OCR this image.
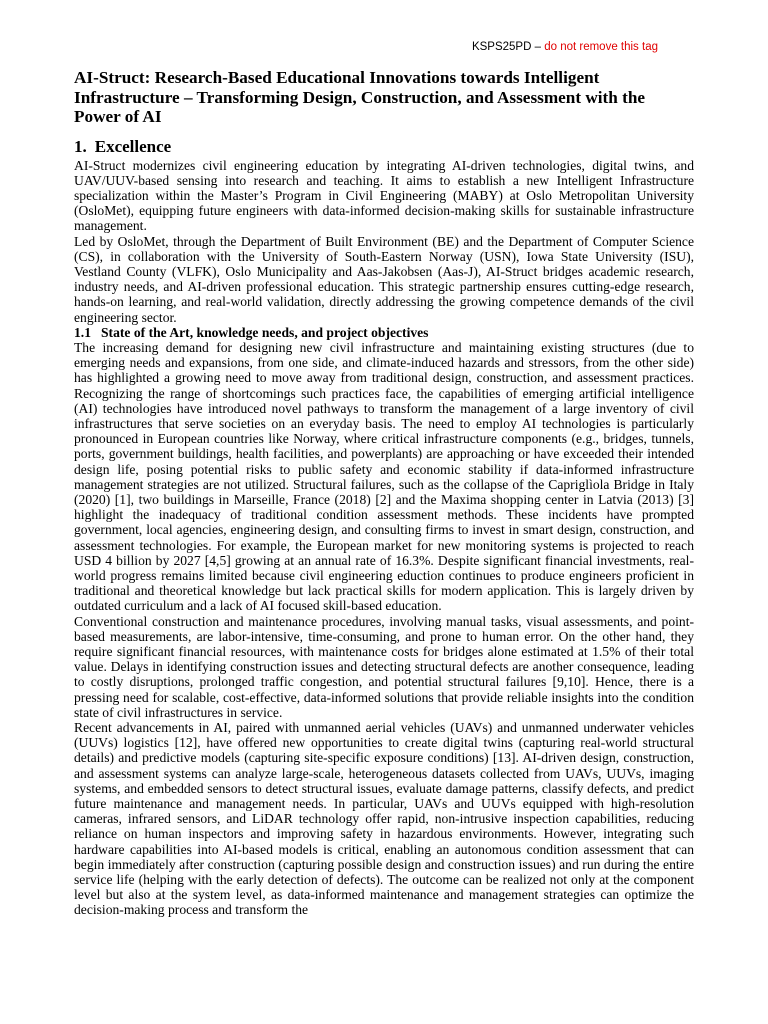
KSPS25PD – do not remove this tag
AI-Struct: Research-Based Educational Innovations towards Intelligent Infrastructure – Transforming Design, Construction, and Assessment with the Power of AI
1. Excellence

AI-Struct modernizes civil engineering education by integrating AI-driven technologies, digital twins, and UAV/UUV-based sensing into research and teaching. It aims to establish a new Intelligent Infrastructure specialization within the Master’s Program in Civil Engineering (MABY) at Oslo Metropolitan University (OsloMet), equipping future engineers with data-informed decision-making skills for sustainable infrastructure management.

Led by OsloMet, through the Department of Built Environment (BE) and the Department of Computer Science (CS), in collaboration with the University of South-Eastern Norway (USN), Iowa State University (ISU), Vestland County (VLFK), Oslo Municipality and Aas-Jakobsen (Aas-J), AI-Struct bridges academic research, industry needs, and AI-driven professional education. This strategic partnership ensures cutting-edge research, hands-on learning, and real-world validation, directly addressing the growing competence demands of the civil engineering sector.

1.1 State of the Art, knowledge needs, and project objectives

The increasing demand for designing new civil infrastructure and maintaining existing structures (due to emerging needs and expansions, from one side, and climate-induced hazards and stressors, from the other side) has highlighted a growing need to move away from traditional design, construction, and assessment practices. Recognizing the range of shortcomings such practices face, the capabilities of emerging artificial intelligence (AI) technologies have introduced novel pathways to transform the management of a large inventory of civil infrastructures that serve societies on an everyday basis. The need to employ AI technologies is particularly pronounced in European countries like Norway, where critical infrastructure components (e.g., bridges, tunnels, ports, government buildings, health facilities, and powerplants) are approaching or have exceeded their intended design life, posing potential risks to public safety and economic stability if data-informed infrastructure management strategies are not utilized. Structural failures, such as the collapse of the Capriglìola Bridge in Italy (2020) [1], two buildings in Marseille, France (2018) [2] and the Maxima shopping center in Latvia (2013) [3] highlight the inadequacy of traditional condition assessment methods. These incidents have prompted government, local agencies, engineering design, and consulting firms to invest in smart design, construction, and assessment technologies. For example, the European market for new monitoring systems is projected to reach USD 4 billion by 2027 [4,5] growing at an annual rate of 16.3%. Despite significant financial investments, real-world progress remains limited because civil engineering eduction continues to produce engineers proficient in traditional and theoretical knowledge but lack practical skills for modern application. This is largely driven by outdated curriculum and a lack of AI focused skill-based education.

Conventional construction and maintenance procedures, involving manual tasks, visual assessments, and point-based measurements, are labor-intensive, time-consuming, and prone to human error. On the other hand, they require significant financial resources, with maintenance costs for bridges alone estimated at 1.5% of their total value. Delays in identifying construction issues and detecting structural defects are another consequence, leading to costly disruptions, prolonged traffic congestion, and potential structural failures [9,10]. Hence, there is a pressing need for scalable, cost-effective, data-informed solutions that provide reliable insights into the condition state of civil infrastructures in service.

Recent advancements in AI, paired with unmanned aerial vehicles (UAVs) and unmanned underwater vehicles (UUVs) logistics [12], have offered new opportunities to create digital twins (capturing real-world structural details) and predictive models (capturing site-specific exposure conditions) [13]. AI-driven design, construction, and assessment systems can analyze large-scale, heterogeneous datasets collected from UAVs, UUVs, imaging systems, and embedded sensors to detect structural issues, evaluate damage patterns, classify defects, and predict future maintenance and management needs. In particular, UAVs and UUVs equipped with high-resolution cameras, infrared sensors, and LiDAR technology offer rapid, non-intrusive inspection capabilities, reducing reliance on human inspectors and improving safety in hazardous environments. However, integrating such hardware capabilities into AI-based models is critical, enabling an autonomous condition assessment that can begin immediately after construction (capturing possible design and construction issues) and run during the entire service life (helping with the early detection of defects). The outcome can be realized not only at the component level but also at the system level, as data-informed maintenance and management strategies can optimize the decision-making process and transform the
